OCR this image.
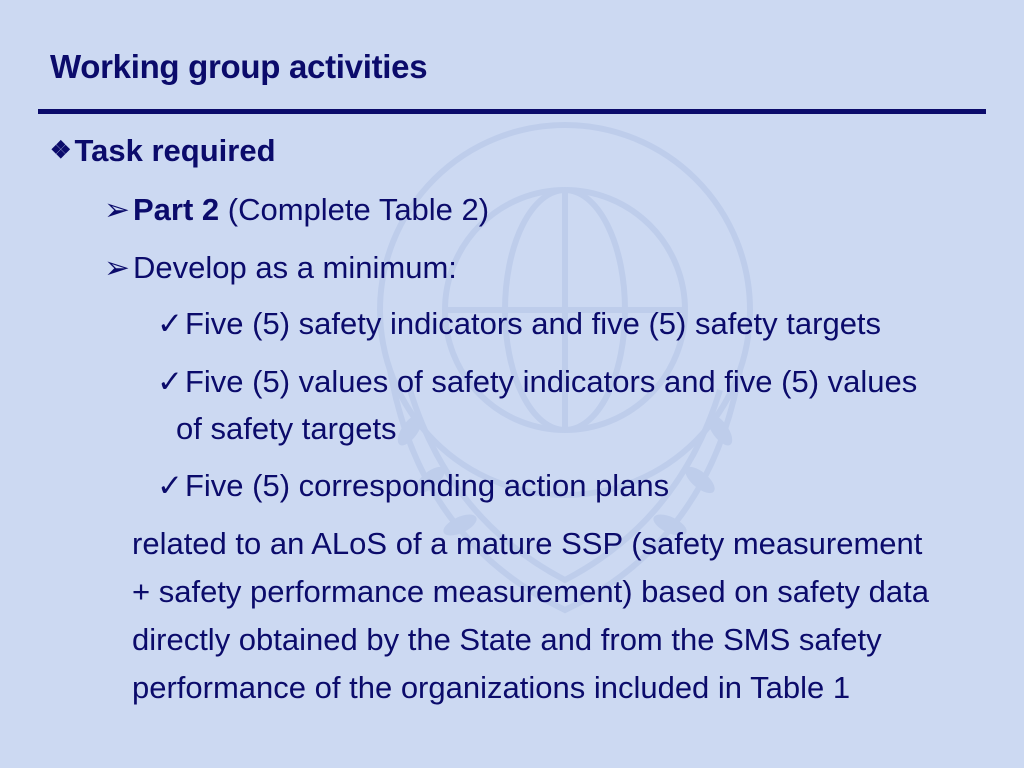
Working group activities
❖Task required
➢Part 2 (Complete Table 2)
➢Develop as a minimum:
✓Five (5) safety indicators and five (5) safety targets
✓Five (5) values of safety indicators and five (5) values
of safety targets
✓Five (5) corresponding action plans
related to an ALoS of a mature SSP (safety measurement
+ safety performance measurement) based on safety data
directly obtained by the State and from the SMS safety
performance of the organizations included in Table 1
